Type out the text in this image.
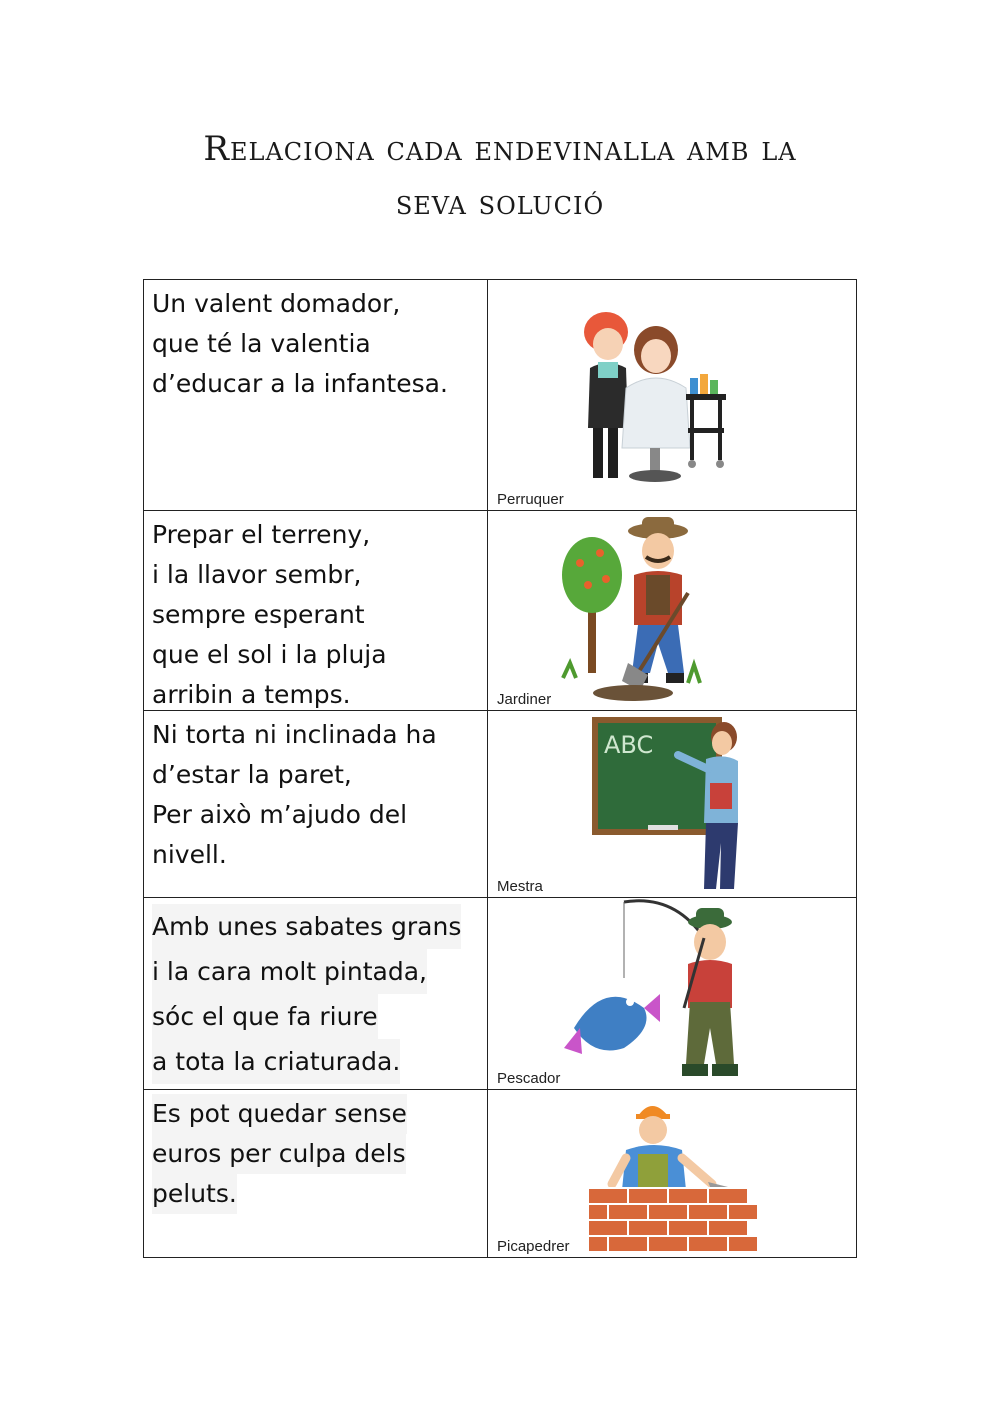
Relaciona cada endevinalla amb la
seva solució
Un valent domador,
que té la valentia
d’educar a la infantesa.
Perruquer
Prepar el terreny,
i la llavor sembr,
sempre esperant
que el sol i la pluja
arribin a temps.	Jardiner
Ni torta ni inclinada ha
d’estar la paret,
Per això m’ajudo del
nivell.
ABC
Mestra
Amb unes sabates grans i la cara molt pintada, sóc el que fa riure a tota la criaturada.
Pescador
Es pot quedar sense euros per culpa dels peluts.
Picapedrer
